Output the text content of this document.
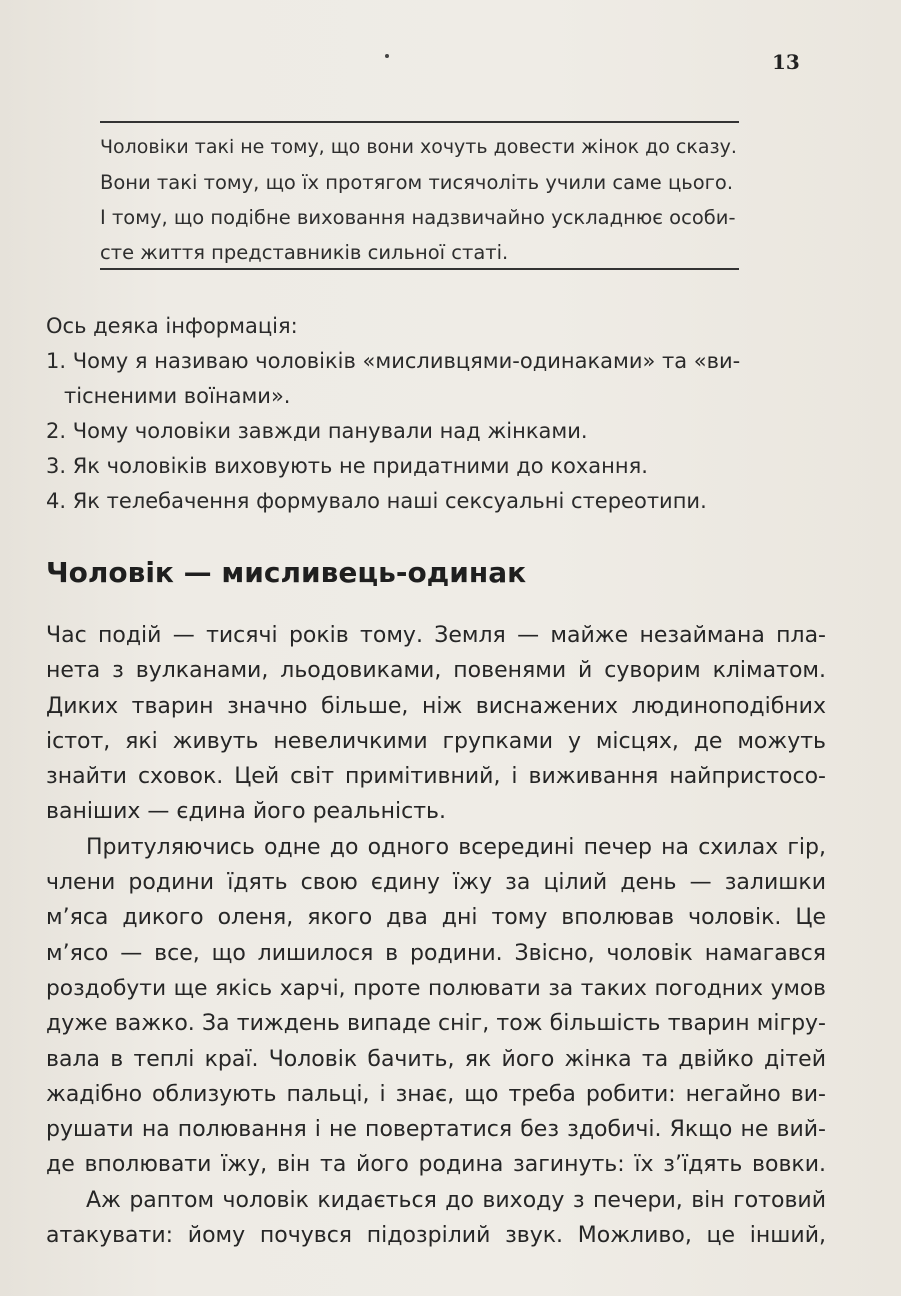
13

Чоловіки такі не тому, що вони хочуть довести жінок до сказу.

Вони такі тому, що їх протягом тисячоліть учили саме цього.

І тому, що подібне виховання надзвичайно ускладнює особи-

сте життя представників сильної статі.

Ось деяка інформація:

1. Чому я називаю чоловіків «мисливцями-одинаками» та «ви-

тісненими воїнами».

2. Чому чоловіки завжди панували над жінками.

3. Як чоловіків виховують не придатними до кохання.

4. Як телебачення формувало наші сексуальні стереотипи.

Чоловік — мисливець-одинак

Час подій — тисячі років тому. Земля — майже незаймана пла-

нета з вулканами, льодовиками, повенями й суворим кліматом.

Диких тварин значно більше, ніж виснажених людиноподібних

істот, які живуть невеличкими групками у місцях, де можуть

знайти сховок. Цей світ примітивний, і виживання найпристосо-

ваніших — єдина його реальність.

Притуляючись одне до одного всередині печер на схилах гір,

члени родини їдять свою єдину їжу за цілий день — залишки

м’яса дикого оленя, якого два дні тому вполював чоловік. Це

м’ясо — все, що лишилося в родини. Звісно, чоловік намагався

роздобути ще якісь харчі, проте полювати за таких погодних умов

дуже важко. За тиждень випаде сніг, тож більшість тварин мігру-

вала в теплі краї. Чоловік бачить, як його жінка та двійко дітей

жадібно облизують пальці, і знає, що треба робити: негайно ви-

рушати на полювання і не повертатися без здобичі. Якщо не вий-

де вполювати їжу, він та його родина загинуть: їх з’їдять вовки.

Аж раптом чоловік кидається до виходу з печери, він готовий

атакувати: йому почувся підозрілий звук. Можливо, це інший,
